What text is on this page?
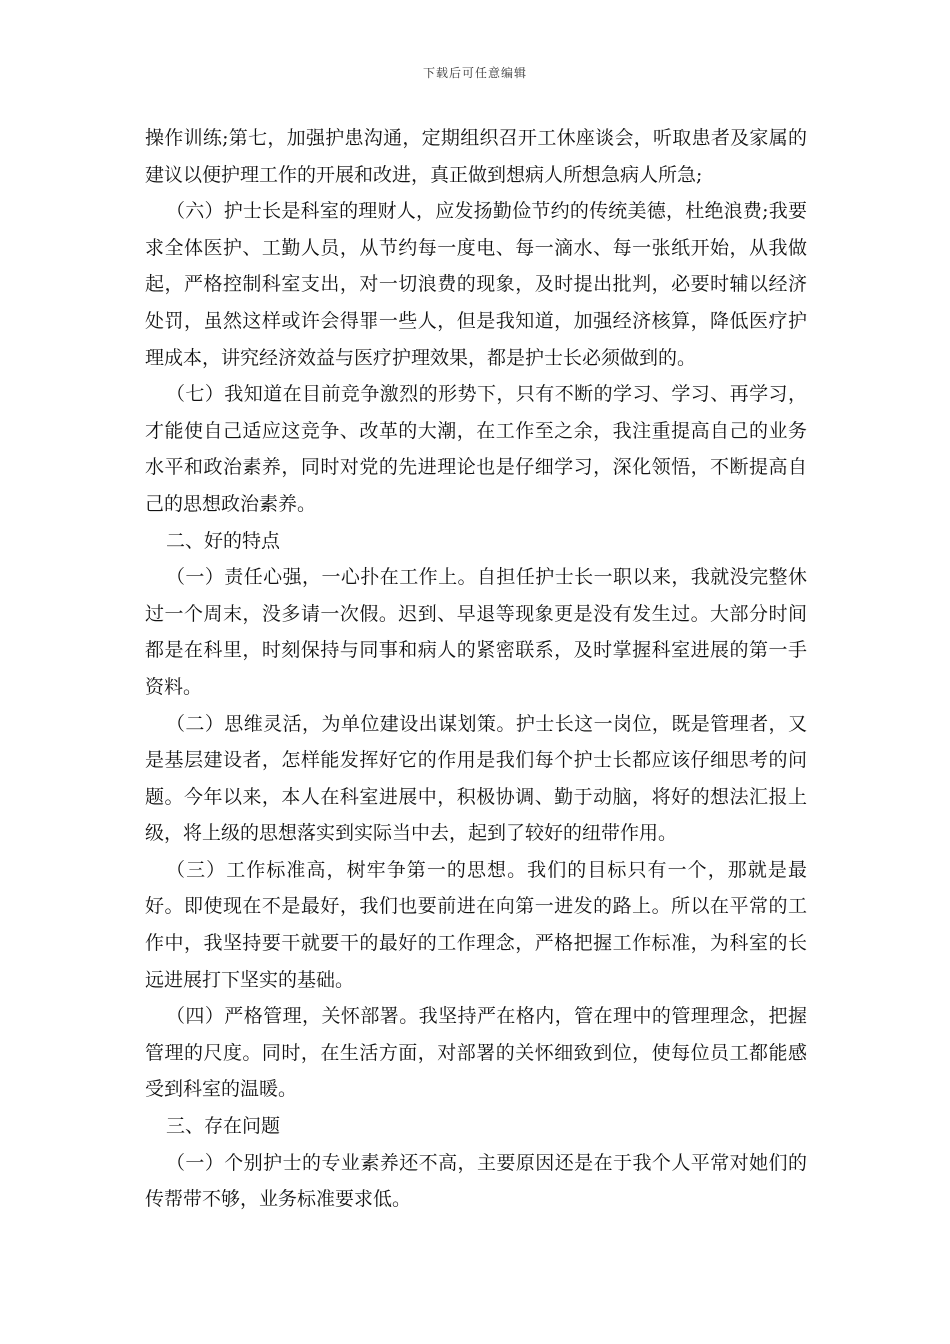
下载后可任意编辑

操作训练;第七，加强护患沟通，定期组织召开工休座谈会，听取患者及家属的建议以便护理工作的开展和改进，真正做到想病人所想急病人所急;

（六）护士长是科室的理财人，应发扬勤俭节约的传统美德，杜绝浪费;我要求全体医护、工勤人员，从节约每一度电、每一滴水、每一张纸开始，从我做起，严格控制科室支出，对一切浪费的现象，及时提出批判，必要时辅以经济处罚，虽然这样或许会得罪一些人，但是我知道，加强经济核算，降低医疗护理成本，讲究经济效益与医疗护理效果，都是护士长必须做到的。

（七）我知道在目前竞争激烈的形势下，只有不断的学习、学习、再学习，才能使自己适应这竞争、改革的大潮，在工作至之余，我注重提高自己的业务水平和政治素养，同时对党的先进理论也是仔细学习，深化领悟，不断提高自己的思想政治素养。

二、好的特点

（一）责任心强，一心扑在工作上。自担任护士长一职以来，我就没完整休过一个周末，没多请一次假。迟到、早退等现象更是没有发生过。大部分时间都是在科里，时刻保持与同事和病人的紧密联系，及时掌握科室进展的第一手资料。

（二）思维灵活，为单位建设出谋划策。护士长这一岗位，既是管理者，又是基层建设者，怎样能发挥好它的作用是我们每个护士长都应该仔细思考的问题。今年以来，本人在科室进展中，积极协调、勤于动脑，将好的想法汇报上级，将上级的思想落实到实际当中去，起到了较好的纽带作用。

（三）工作标准高，树牢争第一的思想。我们的目标只有一个，那就是最好。即使现在不是最好，我们也要前进在向第一进发的路上。所以在平常的工作中，我坚持要干就要干的最好的工作理念，严格把握工作标准，为科室的长远进展打下坚实的基础。

（四）严格管理，关怀部署。我坚持严在格内，管在理中的管理理念，把握管理的尺度。同时，在生活方面，对部署的关怀细致到位，使每位员工都能感受到科室的温暖。

三、存在问题

（一）个别护士的专业素养还不高，主要原因还是在于我个人平常对她们的传帮带不够，业务标准要求低。
